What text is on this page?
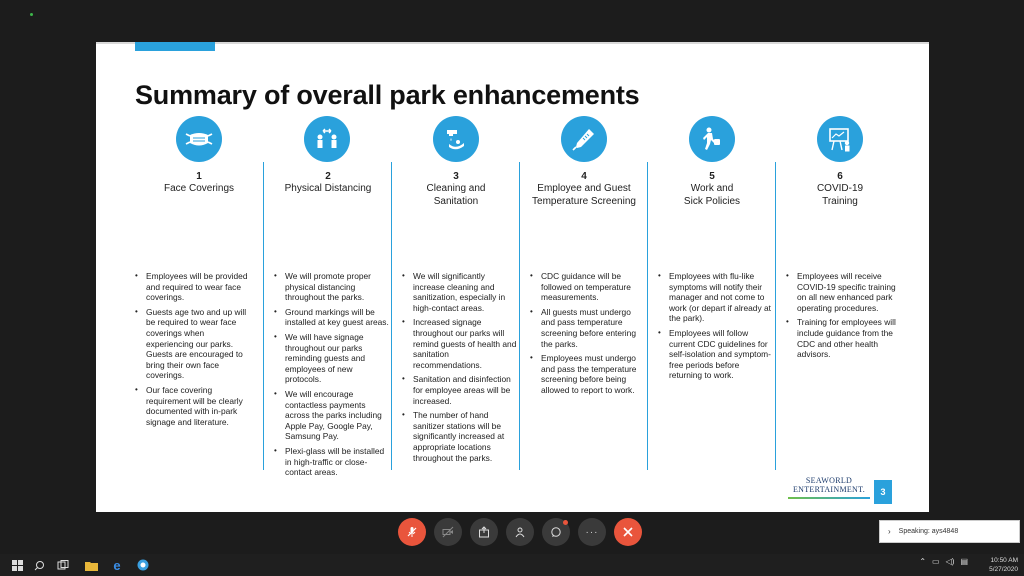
Summary of overall park enhancements
1
Face Coverings
• Employees will be provided and required to wear face coverings.
• Guests age two and up will be required to wear face coverings when experiencing our parks. Guests are encouraged to bring their own face coverings.
• Our face covering requirement will be clearly documented with in-park signage and literature.
2
Physical Distancing
• We will promote proper physical distancing throughout the parks.
• Ground markings will be installed at key guest areas.
• We will have signage throughout our parks reminding guests and employees of new protocols.
• We will encourage contactless payments across the parks including Apple Pay, Google Pay, Samsung Pay.
• Plexi-glass will be installed in high-traffic or close-contact areas.
3
Cleaning and Sanitation
• We will significantly increase cleaning and sanitization, especially in high-contact areas.
• Increased signage throughout our parks will remind guests of health and sanitation recommendations.
• Sanitation and disinfection for employee areas will be increased.
• The number of hand sanitizer stations will be significantly increased at appropriate locations throughout the parks.
4
Employee and Guest Temperature Screening
• CDC guidance will be followed on temperature measurements.
• All guests must undergo and pass temperature screening before entering the parks.
• Employees must undergo and pass the temperature screening before being allowed to report to work.
5
Work and Sick Policies
• Employees with flu-like symptoms will notify their manager and not come to work (or depart if already at the park).
• Employees will follow current CDC guidelines for self-isolation and symptom-free periods before returning to work.
6
COVID-19 Training
• Employees will receive COVID-19 specific training on all new enhanced park operating procedures.
• Training for employees will include guidance from the CDC and other health advisors.
SEAWORLD
ENTERTAINMENT.	3
···	› Speaking: ays4848
e	⌃ ▭ ◁) ▤	10:50 AM
5/27/2020
